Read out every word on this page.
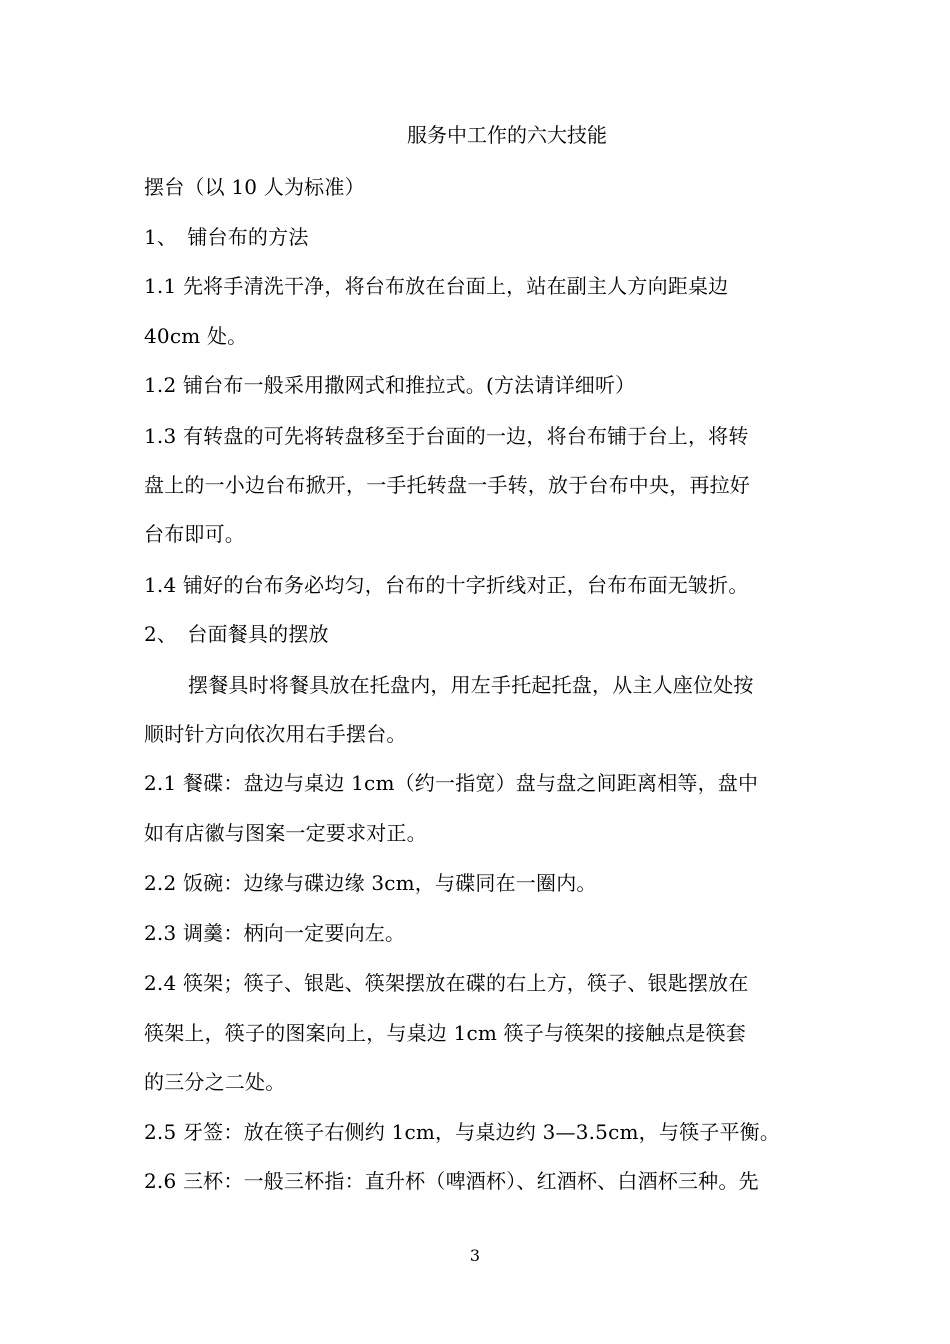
服务中工作的六大技能
摆台（以 10 人为标准）
1、　铺台布的方法
1.1 先将手清洗干净，将台布放在台面上，站在副主人方向距桌边
40cm 处。
1.2 铺台布一般采用撒网式和推拉式。(方法请详细听）
1.3 有转盘的可先将转盘移至于台面的一边，将台布铺于台上，将转
盘上的一小边台布掀开，一手托转盘一手转，放于台布中央，再拉好
台布即可。
1.4 铺好的台布务必均匀，台布的十字折线对正，台布布面无皱折。
2、　台面餐具的摆放
摆餐具时将餐具放在托盘内，用左手托起托盘，从主人座位处按
顺时针方向依次用右手摆台。
2.1 餐碟：盘边与桌边 1cm（约一指宽）盘与盘之间距离相等，盘中
如有店徽与图案一定要求对正。
2.2 饭碗：边缘与碟边缘 3cm，与碟同在一圈内。
2.3 调羹：柄向一定要向左。
2.4 筷架；筷子、银匙、筷架摆放在碟的右上方，筷子、银匙摆放在
筷架上，筷子的图案向上，与桌边 1cm 筷子与筷架的接触点是筷套
的三分之二处。
2.5 牙签：放在筷子右侧约 1cm，与桌边约 3—3.5cm，与筷子平衡。
2.6 三杯：一般三杯指：直升杯（啤酒杯）、红酒杯、白酒杯三种。先
3
